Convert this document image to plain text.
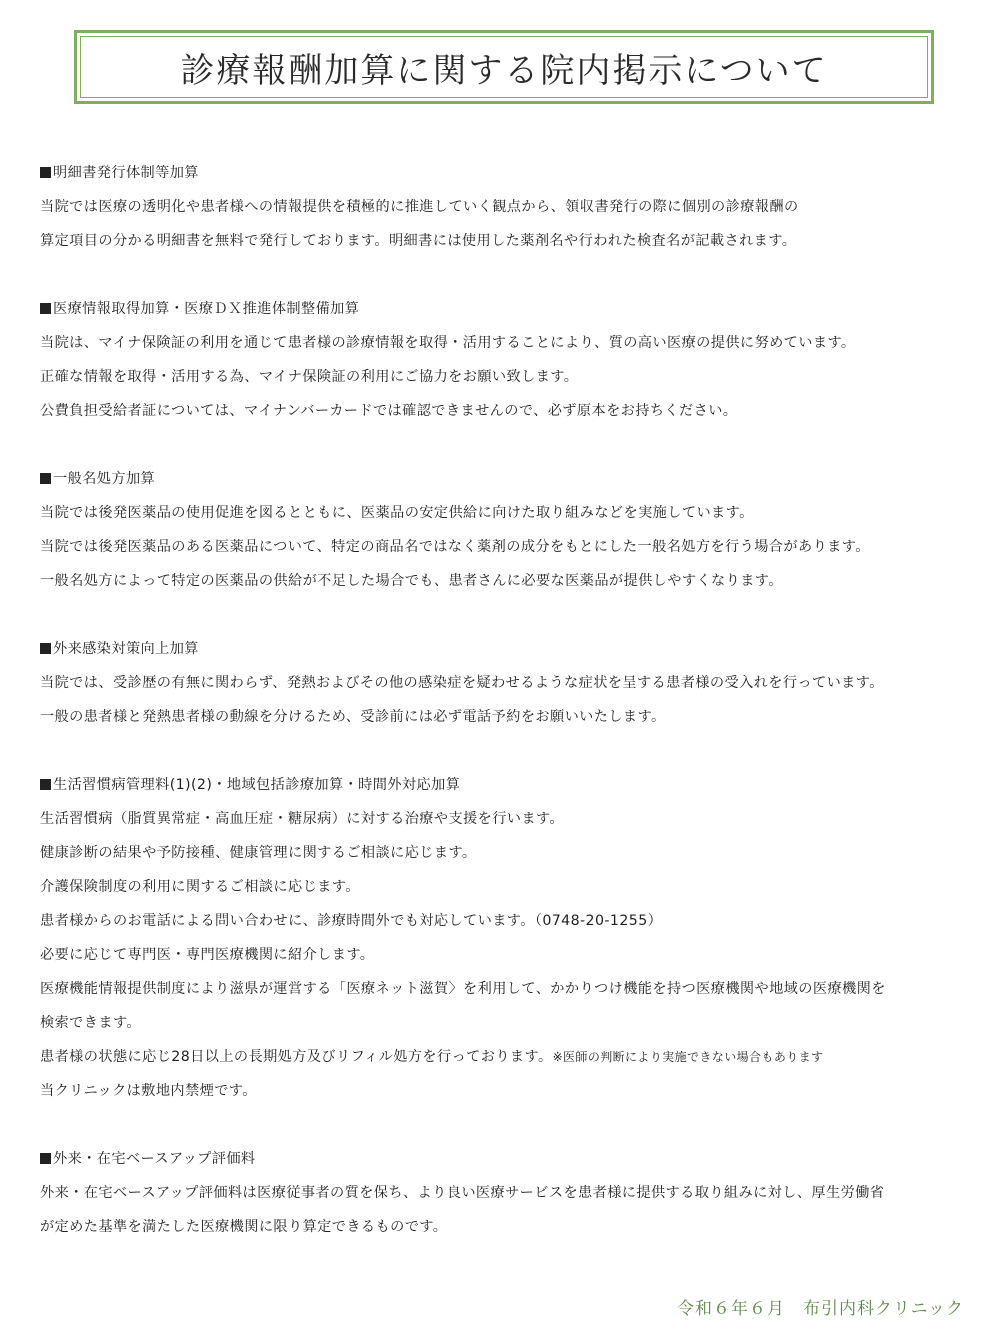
診療報酬加算に関する院内掲示について
明細書発行体制等加算
当院では医療の透明化や患者様への情報提供を積極的に推進していく観点から、領収書発行の際に個別の診療報酬の
算定項目の分かる明細書を無料で発行しております。明細書には使用した薬剤名や行われた検査名が記載されます。
医療情報取得加算・医療ＤＸ推進体制整備加算
当院は、マイナ保険証の利用を通じて患者様の診療情報を取得・活用することにより、質の高い医療の提供に努めています。
正確な情報を取得・活用する為、マイナ保険証の利用にご協力をお願い致します。
公費負担受給者証については、マイナンバーカードでは確認できませんので、必ず原本をお持ちください。
一般名処方加算
当院では後発医薬品の使用促進を図るとともに、医薬品の安定供給に向けた取り組みなどを実施しています。
当院では後発医薬品のある医薬品について、特定の商品名ではなく薬剤の成分をもとにした一般名処方を行う場合があります。
一般名処方によって特定の医薬品の供給が不足した場合でも、患者さんに必要な医薬品が提供しやすくなります。
外来感染対策向上加算
当院では、受診歴の有無に関わらず、発熱およびその他の感染症を疑わせるような症状を呈する患者様の受入れを行っています。
一般の患者様と発熱患者様の動線を分けるため、受診前には必ず電話予約をお願いいたします。
生活習慣病管理料(1)(2)・地域包括診療加算・時間外対応加算
生活習慣病（脂質異常症・高血圧症・糖尿病）に対する治療や支援を行います。
健康診断の結果や予防接種、健康管理に関するご相談に応じます。
介護保険制度の利用に関するご相談に応じます。
患者様からのお電話による問い合わせに、診療時間外でも対応しています。（0748-20-1255）
必要に応じて専門医・専門医療機関に紹介します。
医療機能情報提供制度により滋県が運営する「医療ネット滋賀〉を利用して、かかりつけ機能を持つ医療機関や地域の医療機関を
検索できます。
患者様の状態に応じ28日以上の長期処方及びリフィル処方を行っております。※医師の判断により実施できない場合もあります
当クリニックは敷地内禁煙です。
外来・在宅ベースアップ評価料
外来・在宅ベースアップ評価料は医療従事者の質を保ち、より良い医療サービスを患者様に提供する取り組みに対し、厚生労働省
が定めた基準を満たした医療機関に限り算定できるものです。
令和６年６月　布引内科クリニック
